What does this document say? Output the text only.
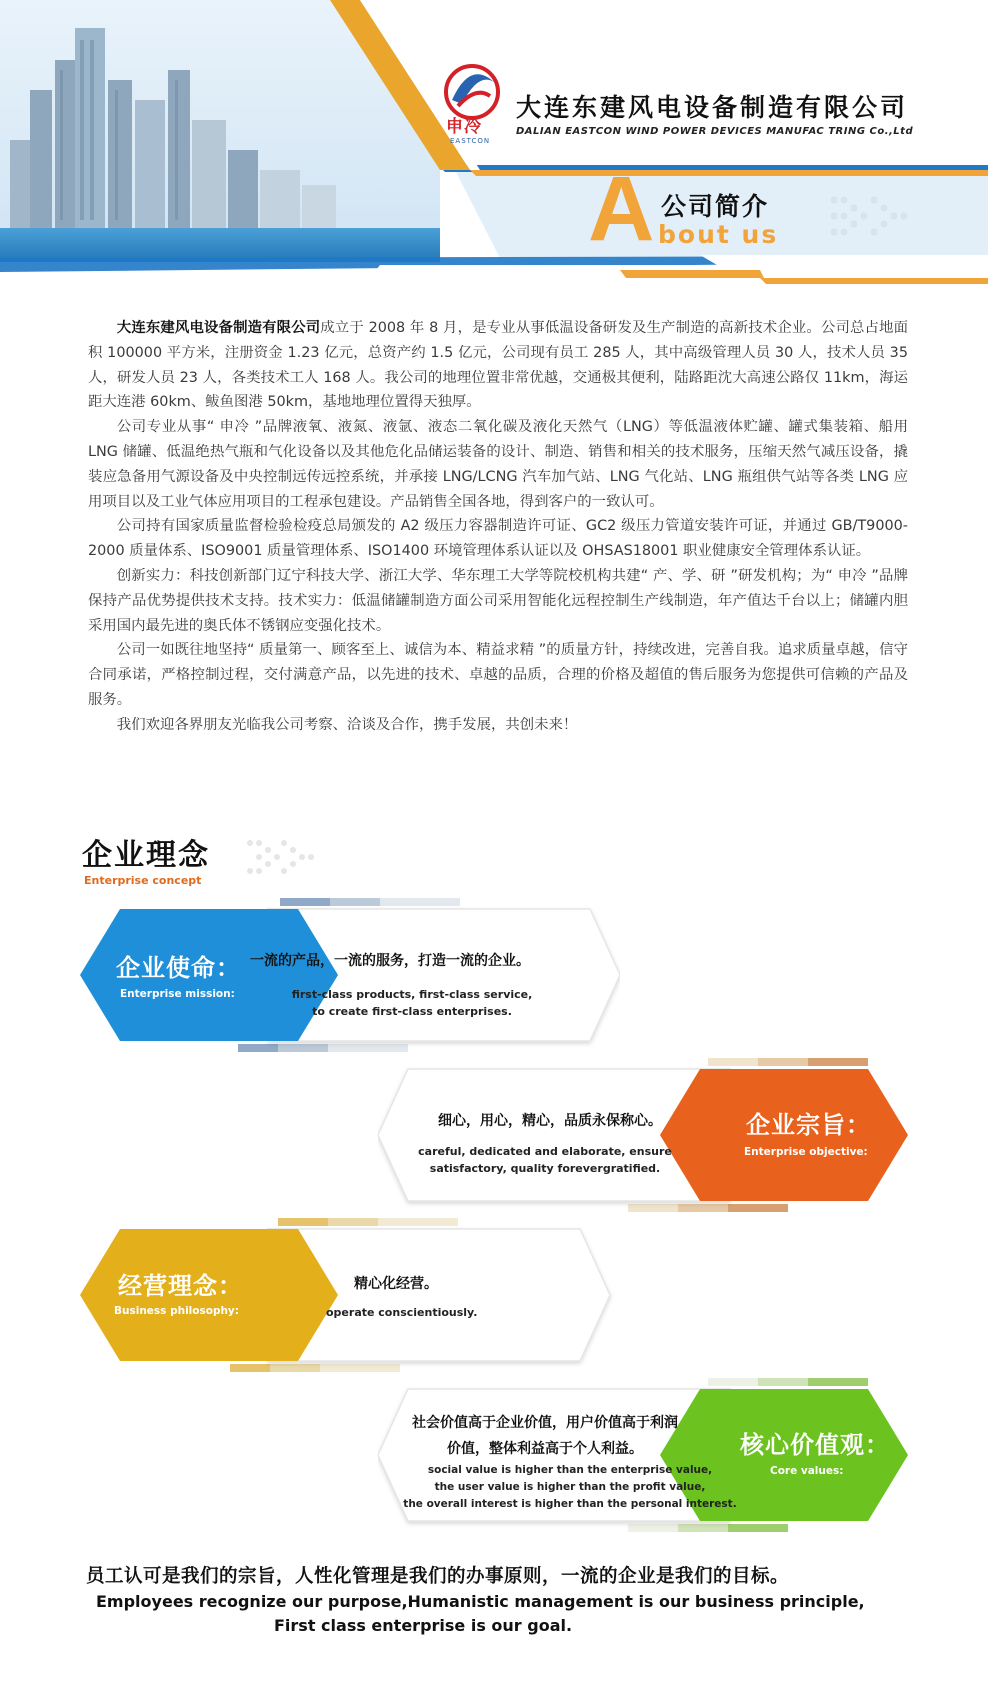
A
申冷
EASTCON
大连东建风电设备制造有限公司
DALIAN EASTCON WIND POWER DEVICES MANUFAC TRING Co.,Ltd
公司简介
bout us

大连东建风电设备制造有限公司成立于 2008 年 8 月，是专业从事低温设备研发及生产制造的高新技术企业。公司总占地面积 100000 平方米，注册资金 1.23 亿元，总资产约 1.5 亿元，公司现有员工 285 人，其中高级管理人员 30 人，技术人员 35 人，研发人员 23 人，各类技术工人 168 人。我公司的地理位置非常优越，交通极其便利，陆路距沈大高速公路仅 11km，海运距大连港 60km、鲅鱼图港 50km，基地地理位置得天独厚。

公司专业从事“ 申冷 ”品牌液氧、液氮、液氩、液态二氧化碳及液化天然气（LNG）等低温液体贮罐、罐式集装箱、船用 LNG 储罐、低温绝热气瓶和气化设备以及其他危化品储运装备的设计、制造、销售和相关的技术服务，压缩天然气减压设备，撬装应急备用气源设备及中央控制远传远控系统，并承接 LNG/LCNG 汽车加气站、LNG 气化站、LNG 瓶组供气站等各类 LNG 应用项目以及工业气体应用项目的工程承包建设。产品销售全国各地，得到客户的一致认可。

公司持有国家质量监督检验检疫总局颁发的 A2 级压力容器制造许可证、GC2 级压力管道安装许可证，并通过 GB/T9000-2000 质量体系、ISO9001 质量管理体系、ISO1400 环境管理体系认证以及 OHSAS18001 职业健康安全管理体系认证。

创新实力：科技创新部门辽宁科技大学、浙江大学、华东理工大学等院校机构共建“ 产、学、研 ”研发机构；为“ 申冷 ”品牌保持产品优势提供技术支持。技术实力：低温储罐制造方面公司采用智能化远程控制生产线制造，年产值达千台以上；储罐内胆采用国内最先进的奥氏体不锈钢应变强化技术。

公司一如既往地坚持“ 质量第一、顾客至上、诚信为本、精益求精 ”的质量方针，持续改进，完善自我。追求质量卓越，信守合同承诺，严格控制过程，交付满意产品，以先进的技术、卓越的品质，合理的价格及超值的售后服务为您提供可信赖的产品及服务。

我们欢迎各界朋友光临我公司考察、洽谈及合作，携手发展，共创未来！

企业理念
Enterprise concept
企业使命：
Enterprise mission:
一流的产品，一流的服务，打造一流的企业。
first-class products, first-class service,
to create first-class enterprises.
企业宗旨：
Enterprise objective:
细心，用心，精心，品质永保称心。
careful, dedicated and elaborate, ensure
satisfactory, quality forevergratified.
经营理念：
Business philosophy:
精心化经营。
operate conscientiously.
核心价值观：
Core values:
社会价值高于企业价值，用户价值高于利润
价值，整体利益高于个人利益。
social value is higher than the enterprise value,
the user value is higher than the profit value,
the overall interest is higher than the personal interest.
员工认可是我们的宗旨，人性化管理是我们的办事原则，一流的企业是我们的目标。
Employees recognize our purpose,Humanistic management is our business principle,
First class enterprise is our goal.
